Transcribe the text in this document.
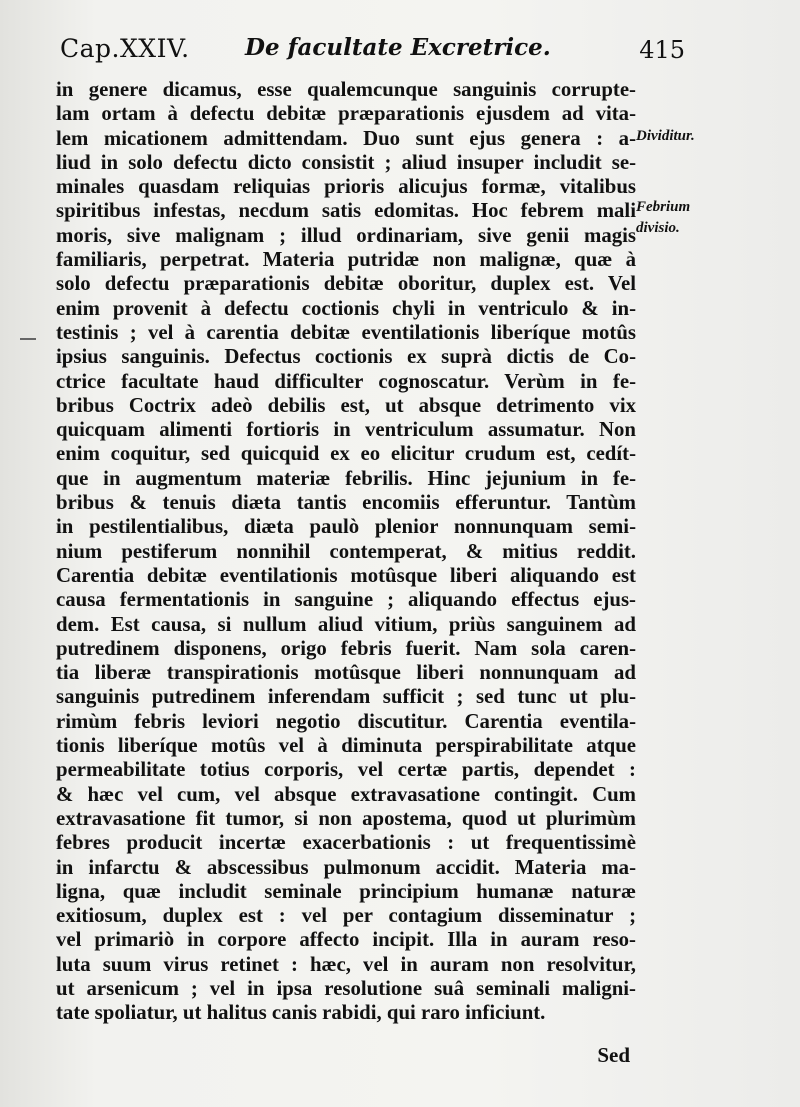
Cap.XXIV. De facultate Excretrice.	415
in genere dicamus, esse qualemcunque sanguinis corrupte-
lam ortam à defectu debitæ præparationis ejusdem ad vita-
lem micationem admittendam. Duo sunt ejus genera : a-
liud in solo defectu dicto consistit ; aliud insuper includit se-
minales quasdam reliquias prioris alicujus formæ, vitalibus
spiritibus infestas, necdum satis edomitas. Hoc febrem mali
moris, sive malignam ; illud ordinariam, sive genii magis
familiaris, perpetrat. Materia putridæ non malignæ, quæ à
solo defectu præparationis debitæ oboritur, duplex est. Vel
enim provenit à defectu coctionis chyli in ventriculo & in-
testinis ; vel à carentia debitæ eventilationis liberíque motûs
ipsius sanguinis. Defectus coctionis ex suprà dictis de Co-
ctrice facultate haud difficulter cognoscatur. Verùm in fe-
bribus Coctrix adeò debilis est, ut absque detrimento vix
quicquam alimenti fortioris in ventriculum assumatur. Non
enim coquitur, sed quicquid ex eo elicitur crudum est, cedít-
que in augmentum materiæ febrilis. Hinc jejunium in fe-
bribus & tenuis diæta tantis encomiis efferuntur. Tantùm
in pestilentialibus, diæta paulò plenior nonnunquam semi-
nium pestiferum nonnihil contemperat, & mitius reddit.
Carentia debitæ eventilationis motûsque liberi aliquando est
causa fermentationis in sanguine ; aliquando effectus ejus-
dem. Est causa, si nullum aliud vitium, priùs sanguinem ad
putredinem disponens, origo febris fuerit. Nam sola caren-
tia liberæ transpirationis motûsque liberi nonnunquam ad
sanguinis putredinem inferendam sufficit ; sed tunc ut plu-
rimùm febris leviori negotio discutitur. Carentia eventila-
tionis liberíque motûs vel à diminuta perspirabilitate atque
permeabilitate totius corporis, vel certæ partis, dependet :
& hæc vel cum, vel absque extravasatione contingit. Cum
extravasatione fit tumor, si non apostema, quod ut plurimùm
febres producit incertæ exacerbationis : ut frequentissimè
in infarctu & abscessibus pulmonum accidit. Materia ma-
ligna, quæ includit seminale principium humanæ naturæ
exitiosum, duplex est : vel per contagium disseminatur ;
vel primariò in corpore affecto incipit. Illa in auram reso-
luta suum virus retinet : hæc, vel in auram non resolvitur,
ut arsenicum ; vel in ipsa resolutione suâ seminali maligni-
tate spoliatur, ut halitus canis rabidi, qui raro inficiunt.
Dividitur.
Febrium
divisio.
Sed
